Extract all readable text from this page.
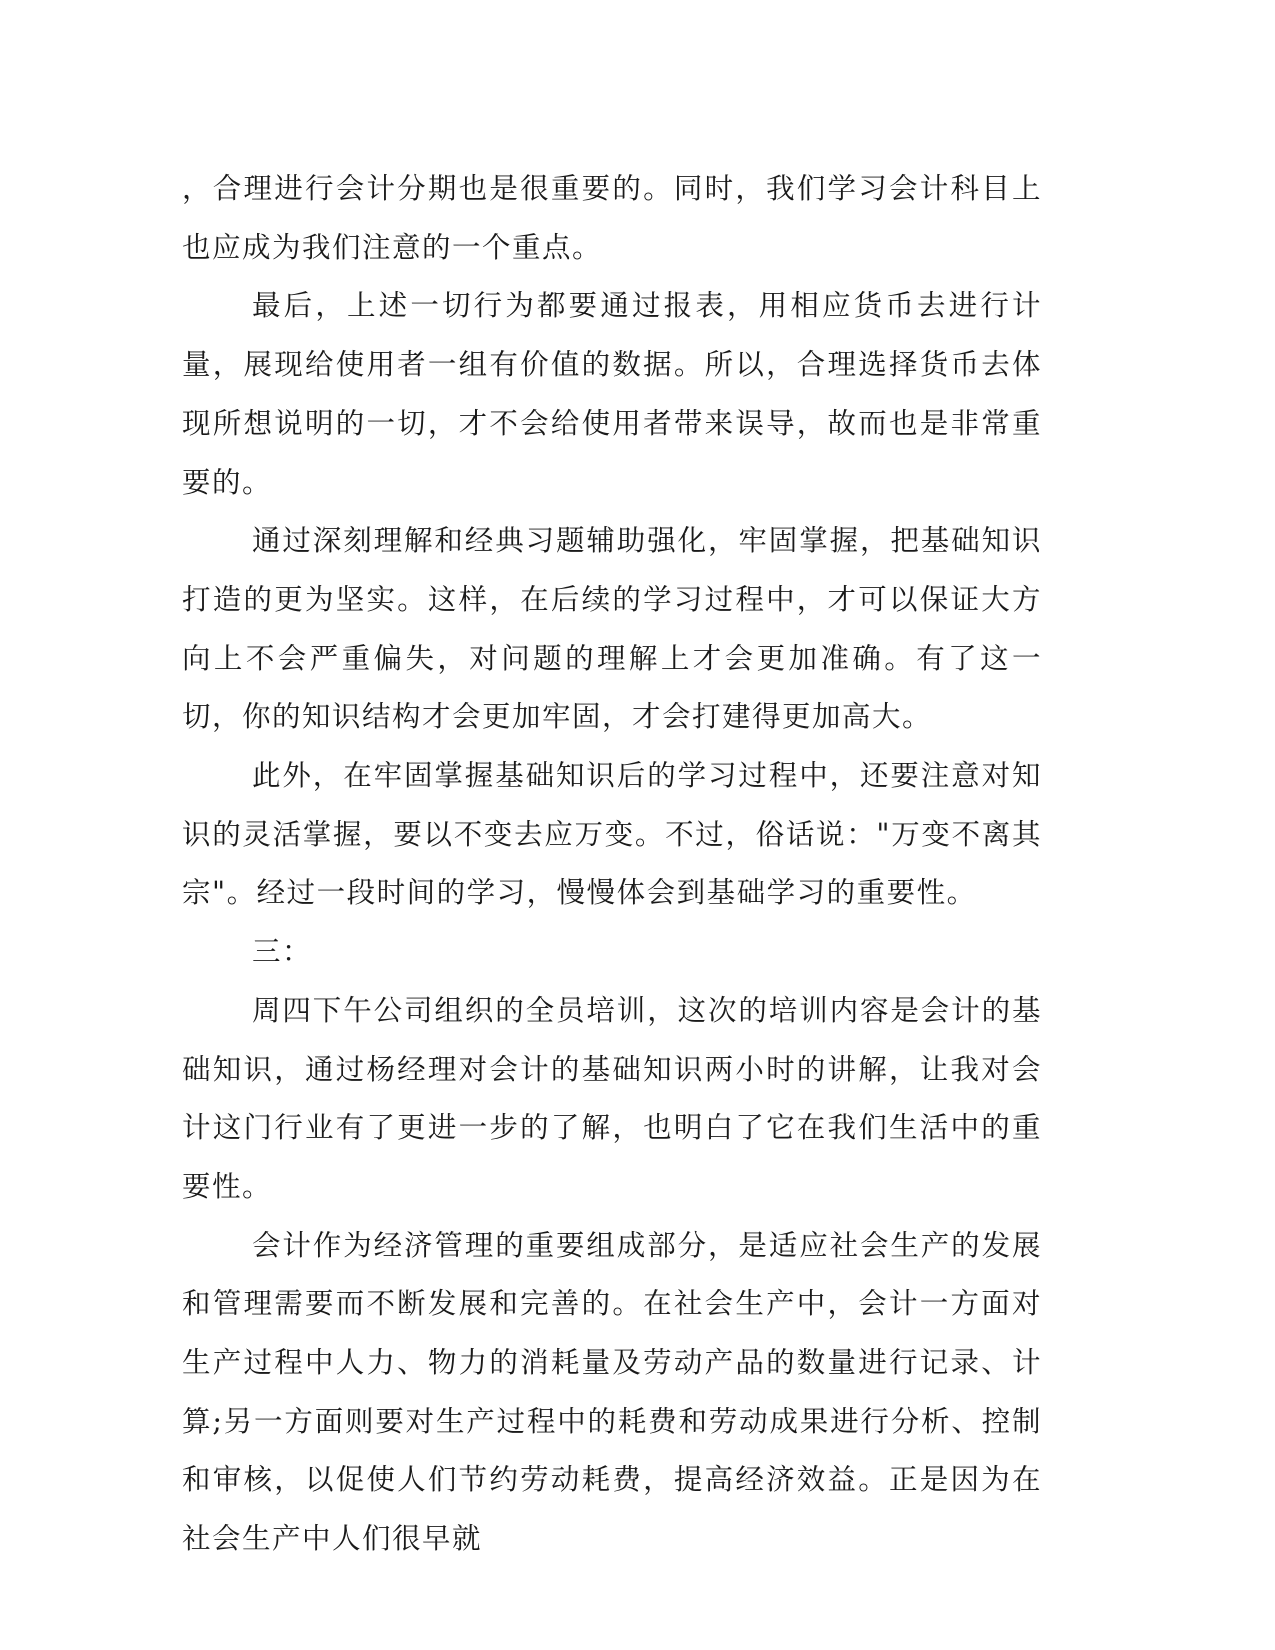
，合理进行会计分期也是很重要的。同时，我们学习会计科目上也应成为我们注意的一个重点。

最后，上述一切行为都要通过报表，用相应货币去进行计量，展现给使用者一组有价值的数据。所以，合理选择货币去体现所想说明的一切，才不会给使用者带来误导，故而也是非常重要的。

通过深刻理解和经典习题辅助强化，牢固掌握，把基础知识打造的更为坚实。这样，在后续的学习过程中，才可以保证大方向上不会严重偏失，对问题的理解上才会更加准确。有了这一切，你的知识结构才会更加牢固，才会打建得更加高大。

此外，在牢固掌握基础知识后的学习过程中，还要注意对知识的灵活掌握，要以不变去应万变。不过，俗话说："万变不离其宗"。经过一段时间的学习，慢慢体会到基础学习的重要性。

三：

周四下午公司组织的全员培训，这次的培训内容是会计的基础知识，通过杨经理对会计的基础知识两小时的讲解，让我对会计这门行业有了更进一步的了解，也明白了它在我们生活中的重要性。

会计作为经济管理的重要组成部分，是适应社会生产的发展和管理需要而不断发展和完善的。在社会生产中，会计一方面对生产过程中人力、物力的消耗量及劳动产品的数量进行记录、计算;另一方面则要对生产过程中的耗费和劳动成果进行分析、控制和审核，以促使人们节约劳动耗费，提高经济效益。正是因为在社会生产中人们很早就
